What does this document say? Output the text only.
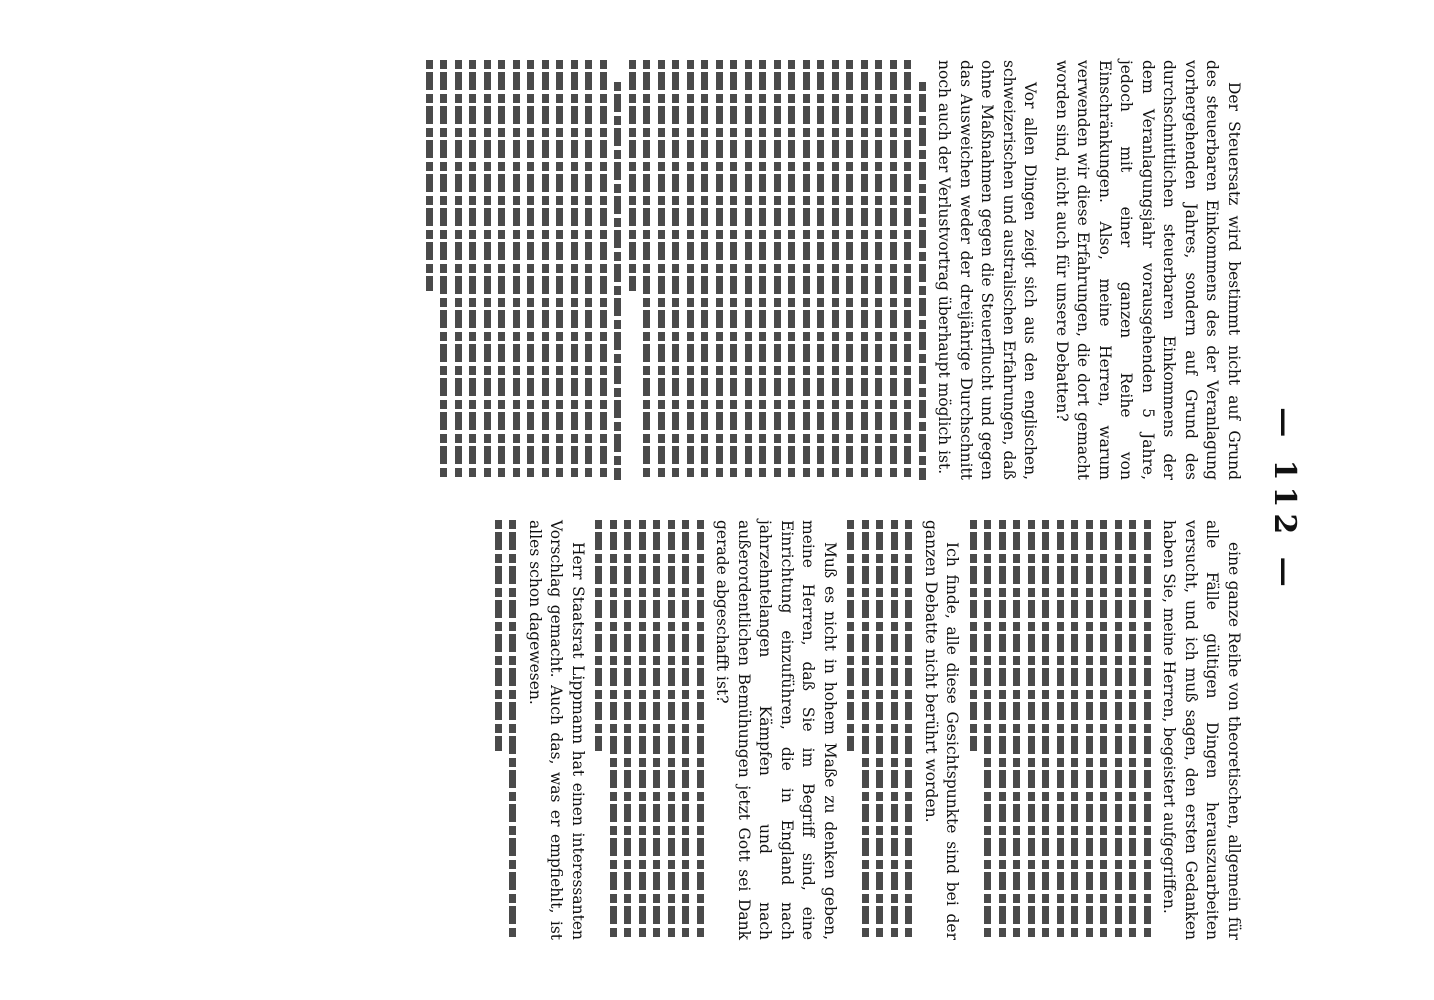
— 112 —

Der Steuersatz wird bestimmt nicht auf Grund des steuerbaren Einkommens des der Veranlagung vorhergehenden Jahres, sondern auf Grund des durchschnittlichen steuerbaren Einkommens der dem Veranlagungsjahr vorausgehenden 5 Jahre, jedoch mit einer ganzen Reihe von Einschränkungen. Also, meine Herren, warum verwenden wir diese Erfahrungen, die dort gemacht worden sind, nicht auch für unsere Debatten?

Vor allen Dingen zeigt sich aus den englischen, schweizerischen und australischen Erfahrungen, daß ohne Maßnahmen gegen die Steuerflucht und gegen das Ausweichen weder der dreijährige Durchschnitt noch auch der Verlustvortrag überhaupt möglich ist.

eine ganze Reihe von theoretischen, allgemein für alle Fälle gültigen Dingen herauszuarbeiten versucht, und ich muß sagen, den ersten Gedanken haben Sie, meine Herren, begeistert aufgegriffen.

Ich finde, alle diese Gesichtspunkte sind bei der ganzen Debatte nicht berührt worden.

Muß es nicht in hohem Maße zu denken geben, meine Herren, daß Sie im Begriff sind, eine Einrichtung einzuführen, die in England nach jahrzehntelangen Kämpfen und nach außerordentlichen Bemühungen jetzt Gott sei Dank gerade abgeschafft ist?

Herr Staatsrat Lippmann hat einen interessanten Vorschlag gemacht. Auch das, was er empfiehlt, ist alles schon dagewesen.
